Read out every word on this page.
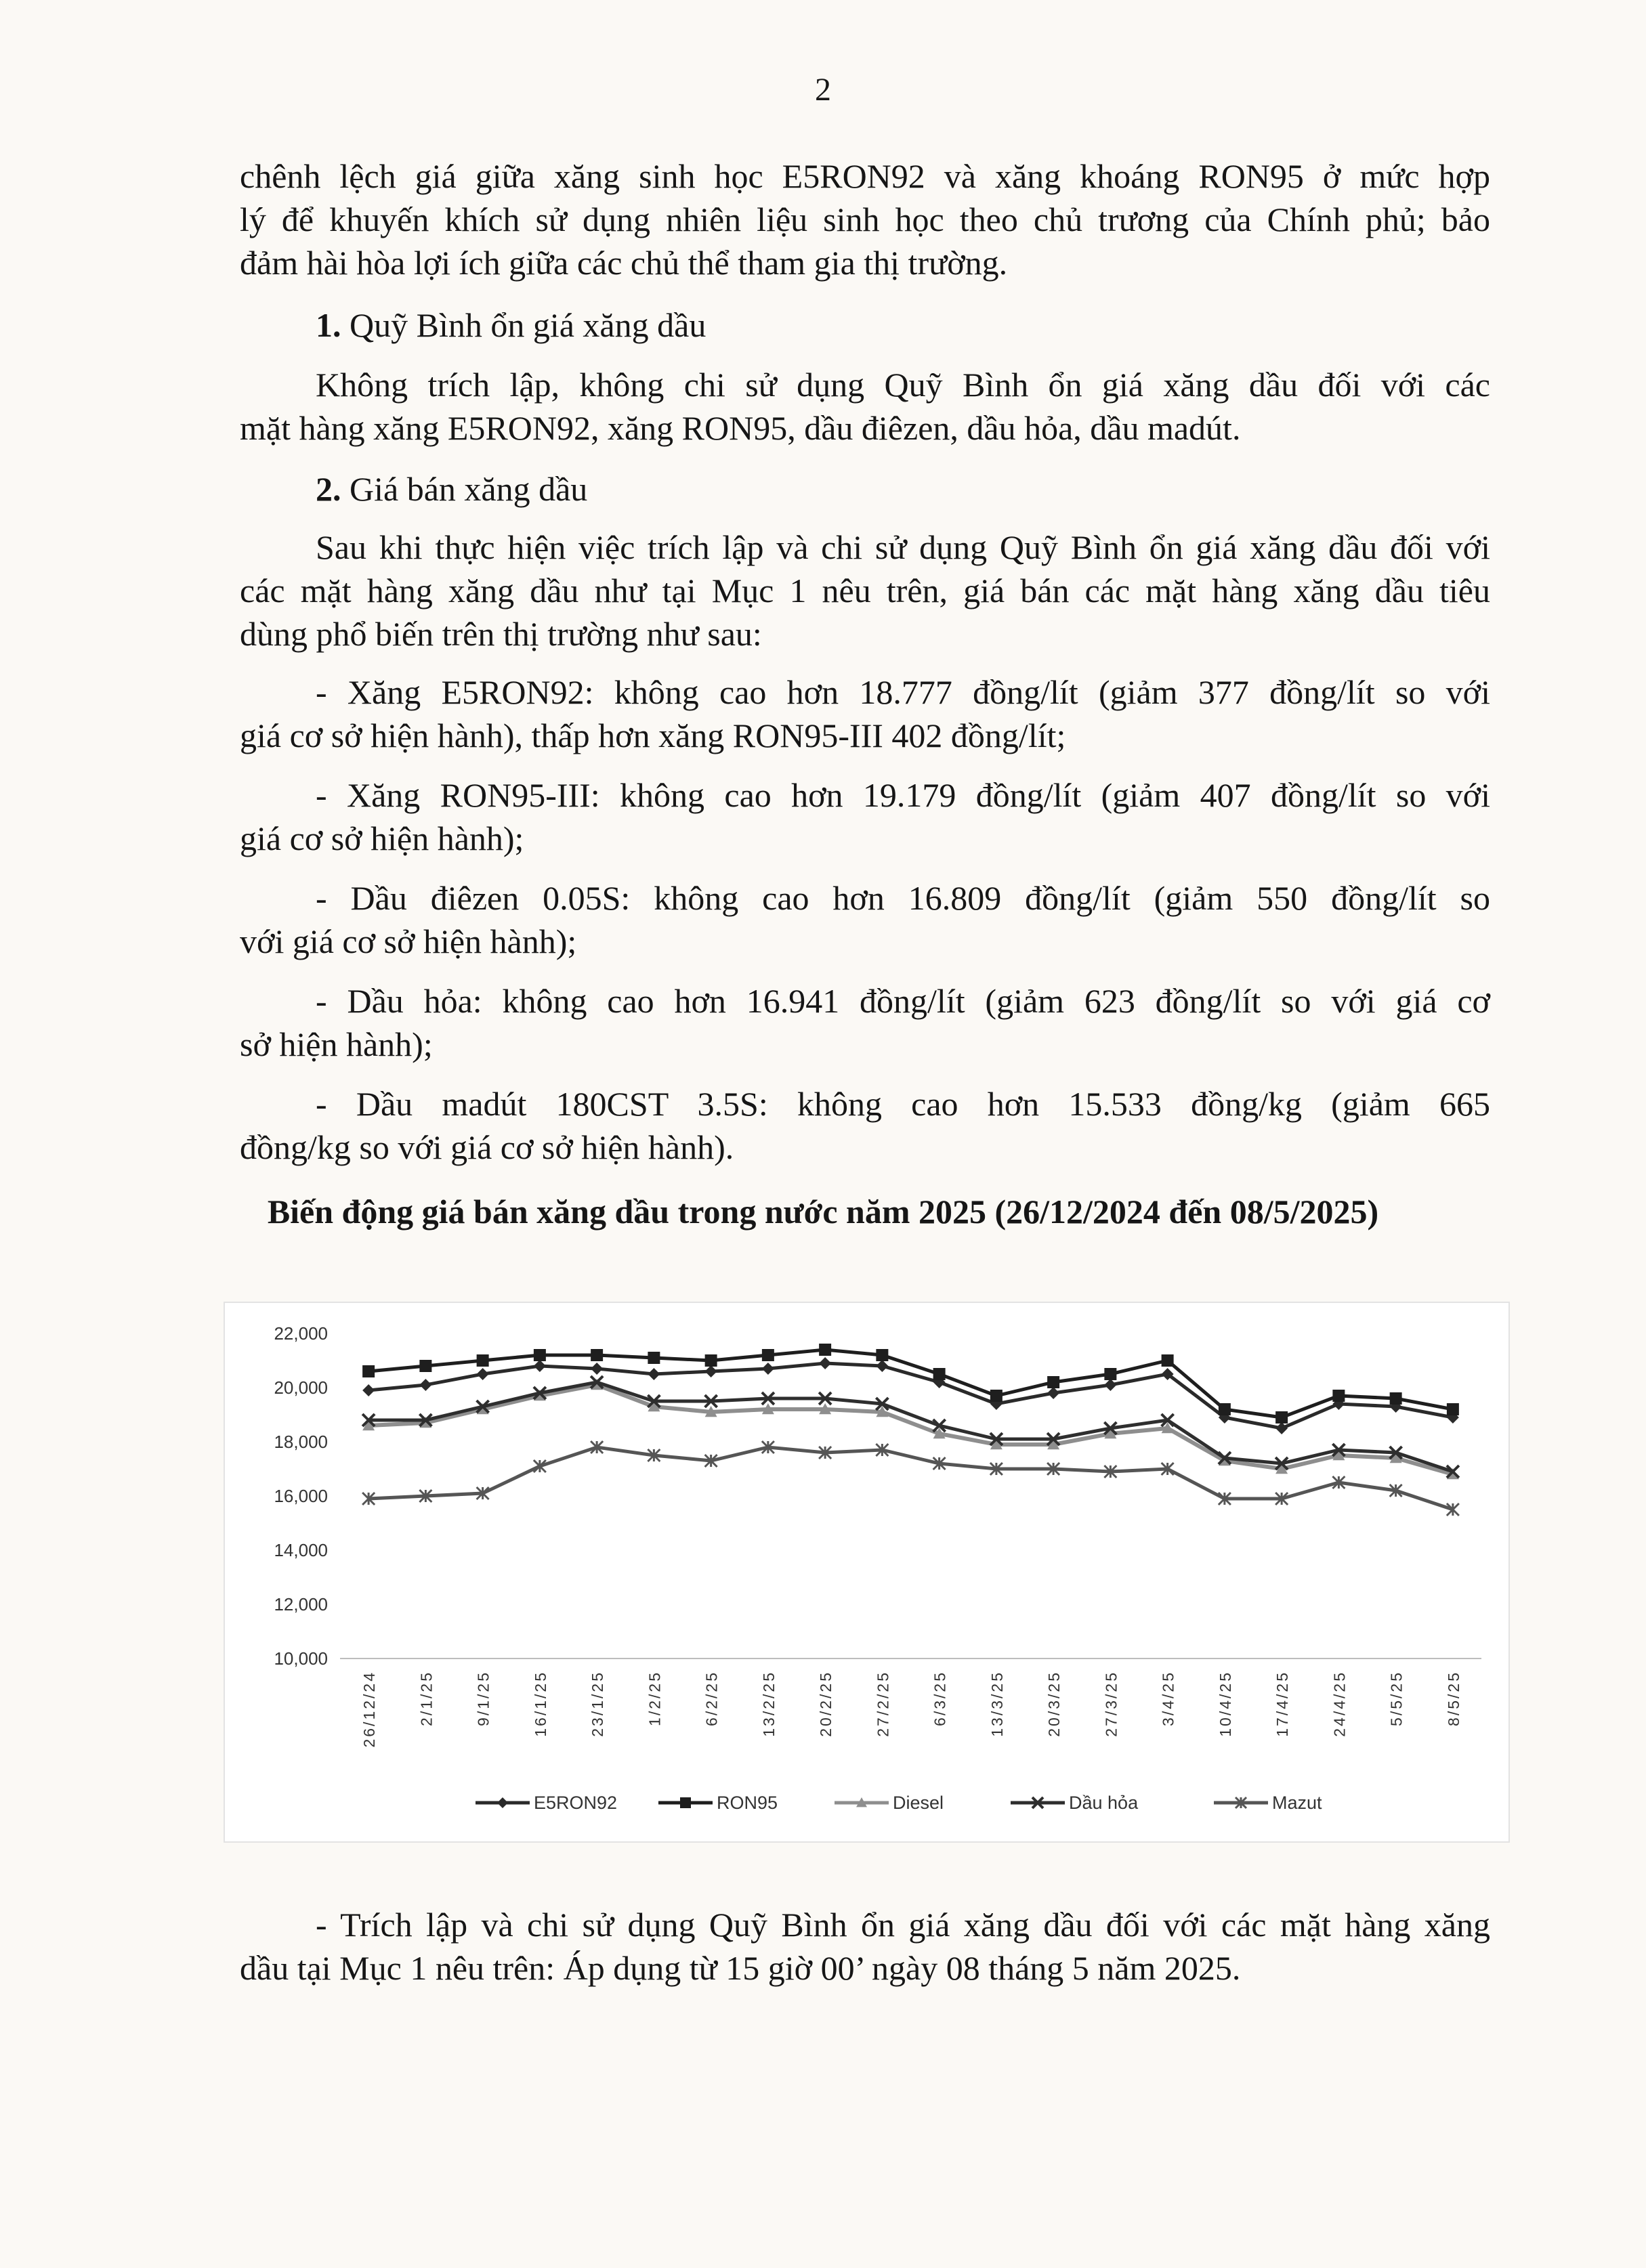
2
chênh lệch giá giữa xăng sinh học E5RON92 và xăng khoáng RON95 ở mức hợp
lý để khuyến khích sử dụng nhiên liệu sinh học theo chủ trương của Chính phủ; bảo
đảm hài hòa lợi ích giữa các chủ thể tham gia thị trường.
1. Quỹ Bình ổn giá xăng dầu
Không trích lập, không chi sử dụng Quỹ Bình ổn giá xăng dầu đối với các
mặt hàng xăng E5RON92, xăng RON95, dầu điêzen, dầu hỏa, dầu madút.
2. Giá bán xăng dầu
Sau khi thực hiện việc trích lập và chi sử dụng Quỹ Bình ổn giá xăng dầu đối với
các mặt hàng xăng dầu như tại Mục 1 nêu trên, giá bán các mặt hàng xăng dầu tiêu
dùng phổ biến trên thị trường như sau:
- Xăng E5RON92: không cao hơn 18.777 đồng/lít (giảm 377 đồng/lít so với
giá cơ sở hiện hành), thấp hơn xăng RON95-III 402 đồng/lít;
- Xăng RON95-III: không cao hơn 19.179 đồng/lít (giảm 407 đồng/lít so với
giá cơ sở hiện hành);
- Dầu điêzen 0.05S: không cao hơn 16.809 đồng/lít (giảm 550 đồng/lít so
với giá cơ sở hiện hành);
- Dầu hỏa: không cao hơn 16.941 đồng/lít (giảm 623 đồng/lít so với giá cơ
sở hiện hành);
- Dầu madút 180CST 3.5S: không cao hơn 15.533 đồng/kg (giảm 665
đồng/kg so với giá cơ sở hiện hành).
Biến động giá bán xăng dầu trong nước năm 2025 (26/12/2024 đến 08/5/2025)
10,000
12,000
14,000
16,000
18,000
20,000
22,000
26/12/24	2/1/25	9/1/25	16/1/25	23/1/25	1/2/25	6/2/25	13/2/25	20/2/25	27/2/25	6/3/25	13/3/25	20/3/25	27/3/25	3/4/25	10/4/25	17/4/25	24/4/25	5/5/25	8/5/25
E5RON92	RON95	Diesel	Dầu hỏa	Mazut
- Trích lập và chi sử dụng Quỹ Bình ổn giá xăng dầu đối với các mặt hàng xăng
dầu tại Mục 1 nêu trên: Áp dụng từ 15 giờ 00’ ngày 08 tháng 5 năm 2025.
